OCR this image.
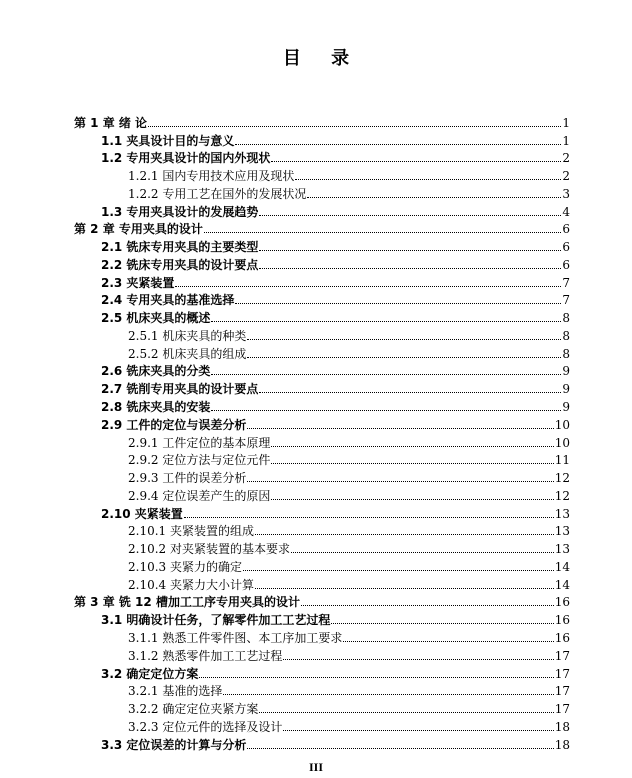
目 录
第 1 章 绪 论	1
1.1 夹具设计目的与意义	1
1.2 专用夹具设计的国内外现状	2
1.2.1 国内专用技术应用及现状	2
1.2.2 专用工艺在国外的发展状况	3
1.3 专用夹具设计的发展趋势	4
第 2 章 专用夹具的设计	6
2.1 铣床专用夹具的主要类型	6
2.2 铣床专用夹具的设计要点	6
2.3 夹紧装置	7
2.4 专用夹具的基准选择	7
2.5 机床夹具的概述	8
2.5.1 机床夹具的种类	8
2.5.2 机床夹具的组成	8
2.6 铣床夹具的分类	9
2.7 铣削专用夹具的设计要点	9
2.8 铣床夹具的安装	9
2.9 工件的定位与误差分析	10
2.9.1 工件定位的基本原理	10
2.9.2 定位方法与定位元件	11
2.9.3 工件的误差分析	12
2.9.4 定位误差产生的原因	12
2.10 夹紧装置	13
2.10.1 夹紧装置的组成	13
2.10.2 对夹紧装置的基本要求	13
2.10.3 夹紧力的确定	14
2.10.4 夹紧力大小计算	14
第 3 章 铣 12 槽加工工序专用夹具的设计	16
3.1 明确设计任务，了解零件加工工艺过程	16
3.1.1 熟悉工件零件图、本工序加工要求	16
3.1.2 熟悉零件加工工艺过程	17
3.2 确定定位方案	17
3.2.1 基准的选择	17
3.2.2 确定定位夹紧方案	17
3.2.3 定位元件的选择及设计	18
3.3 定位误差的计算与分析	18
III
